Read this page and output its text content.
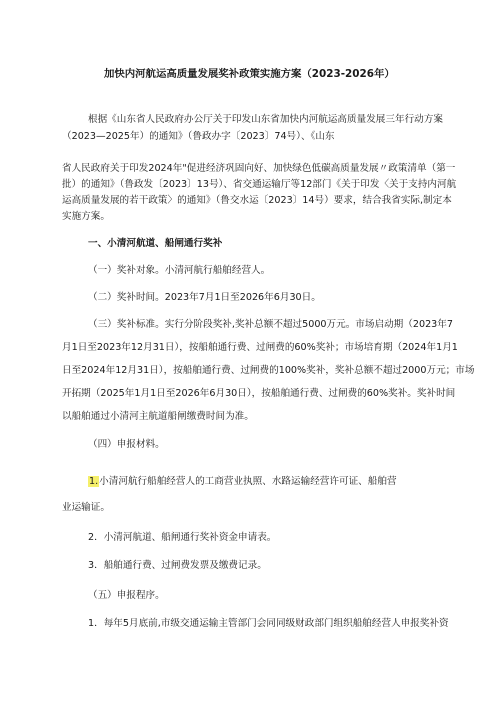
加快内河航运高质量发展奖补政策实施方案（2023-2026年）
根据《山东省人民政府办公厅关于印发山东省加快内河航运高质量发展三年行动方案
（2023—2025年）的通知》（鲁政办字〔2023〕74号）、《山东
省人民政府关于印发2024年"促进经济巩固向好、加快绿色低碳高质量发展〃政策清单（第一
批）的通知》（鲁政发〔2023〕13号）、省交通运输厅等12部门《关于印发〈关于支持内河航
运高质量发展的若干政策〉的通知》（鲁交水运〔2023〕14号）要求，结合我省实际,制定本
实施方案。
一、小清河航道、船闸通行奖补
（一）奖补对象。小清河航行船舶经营人。
（二）奖补时间。2023年7月1日至2026年6月30日。
（三）奖补标准。实行分阶段奖补,奖补总额不超过5000万元。市场启动期（2023年7
月1日至2023年12月31日），按船舶通行费、过闸费的60%奖补；市场培育期（2024年1月1
日至2024年12月31日），按船舶通行费、过闸费的100%奖补，奖补总额不超过2000万元；市场
开拓期（2025年1月1日至2026年6月30日），按船舶通行费、过闸费的60%奖补。奖补时间
以船舶通过小清河主航道船闸缴费时间为准。
（四）申报材料。
1.小清河航行船舶经营人的工商营业执照、水路运输经营许可证、船舶营
业运输证。
2．小清河航道、船闸通行奖补资金申请表。
3．船舶通行费、过闸费发票及缴费记录。
（五）申报程序。
1．每年5月底前,市级交通运输主管部门会同同级财政部门组织船舶经营人申报奖补资
